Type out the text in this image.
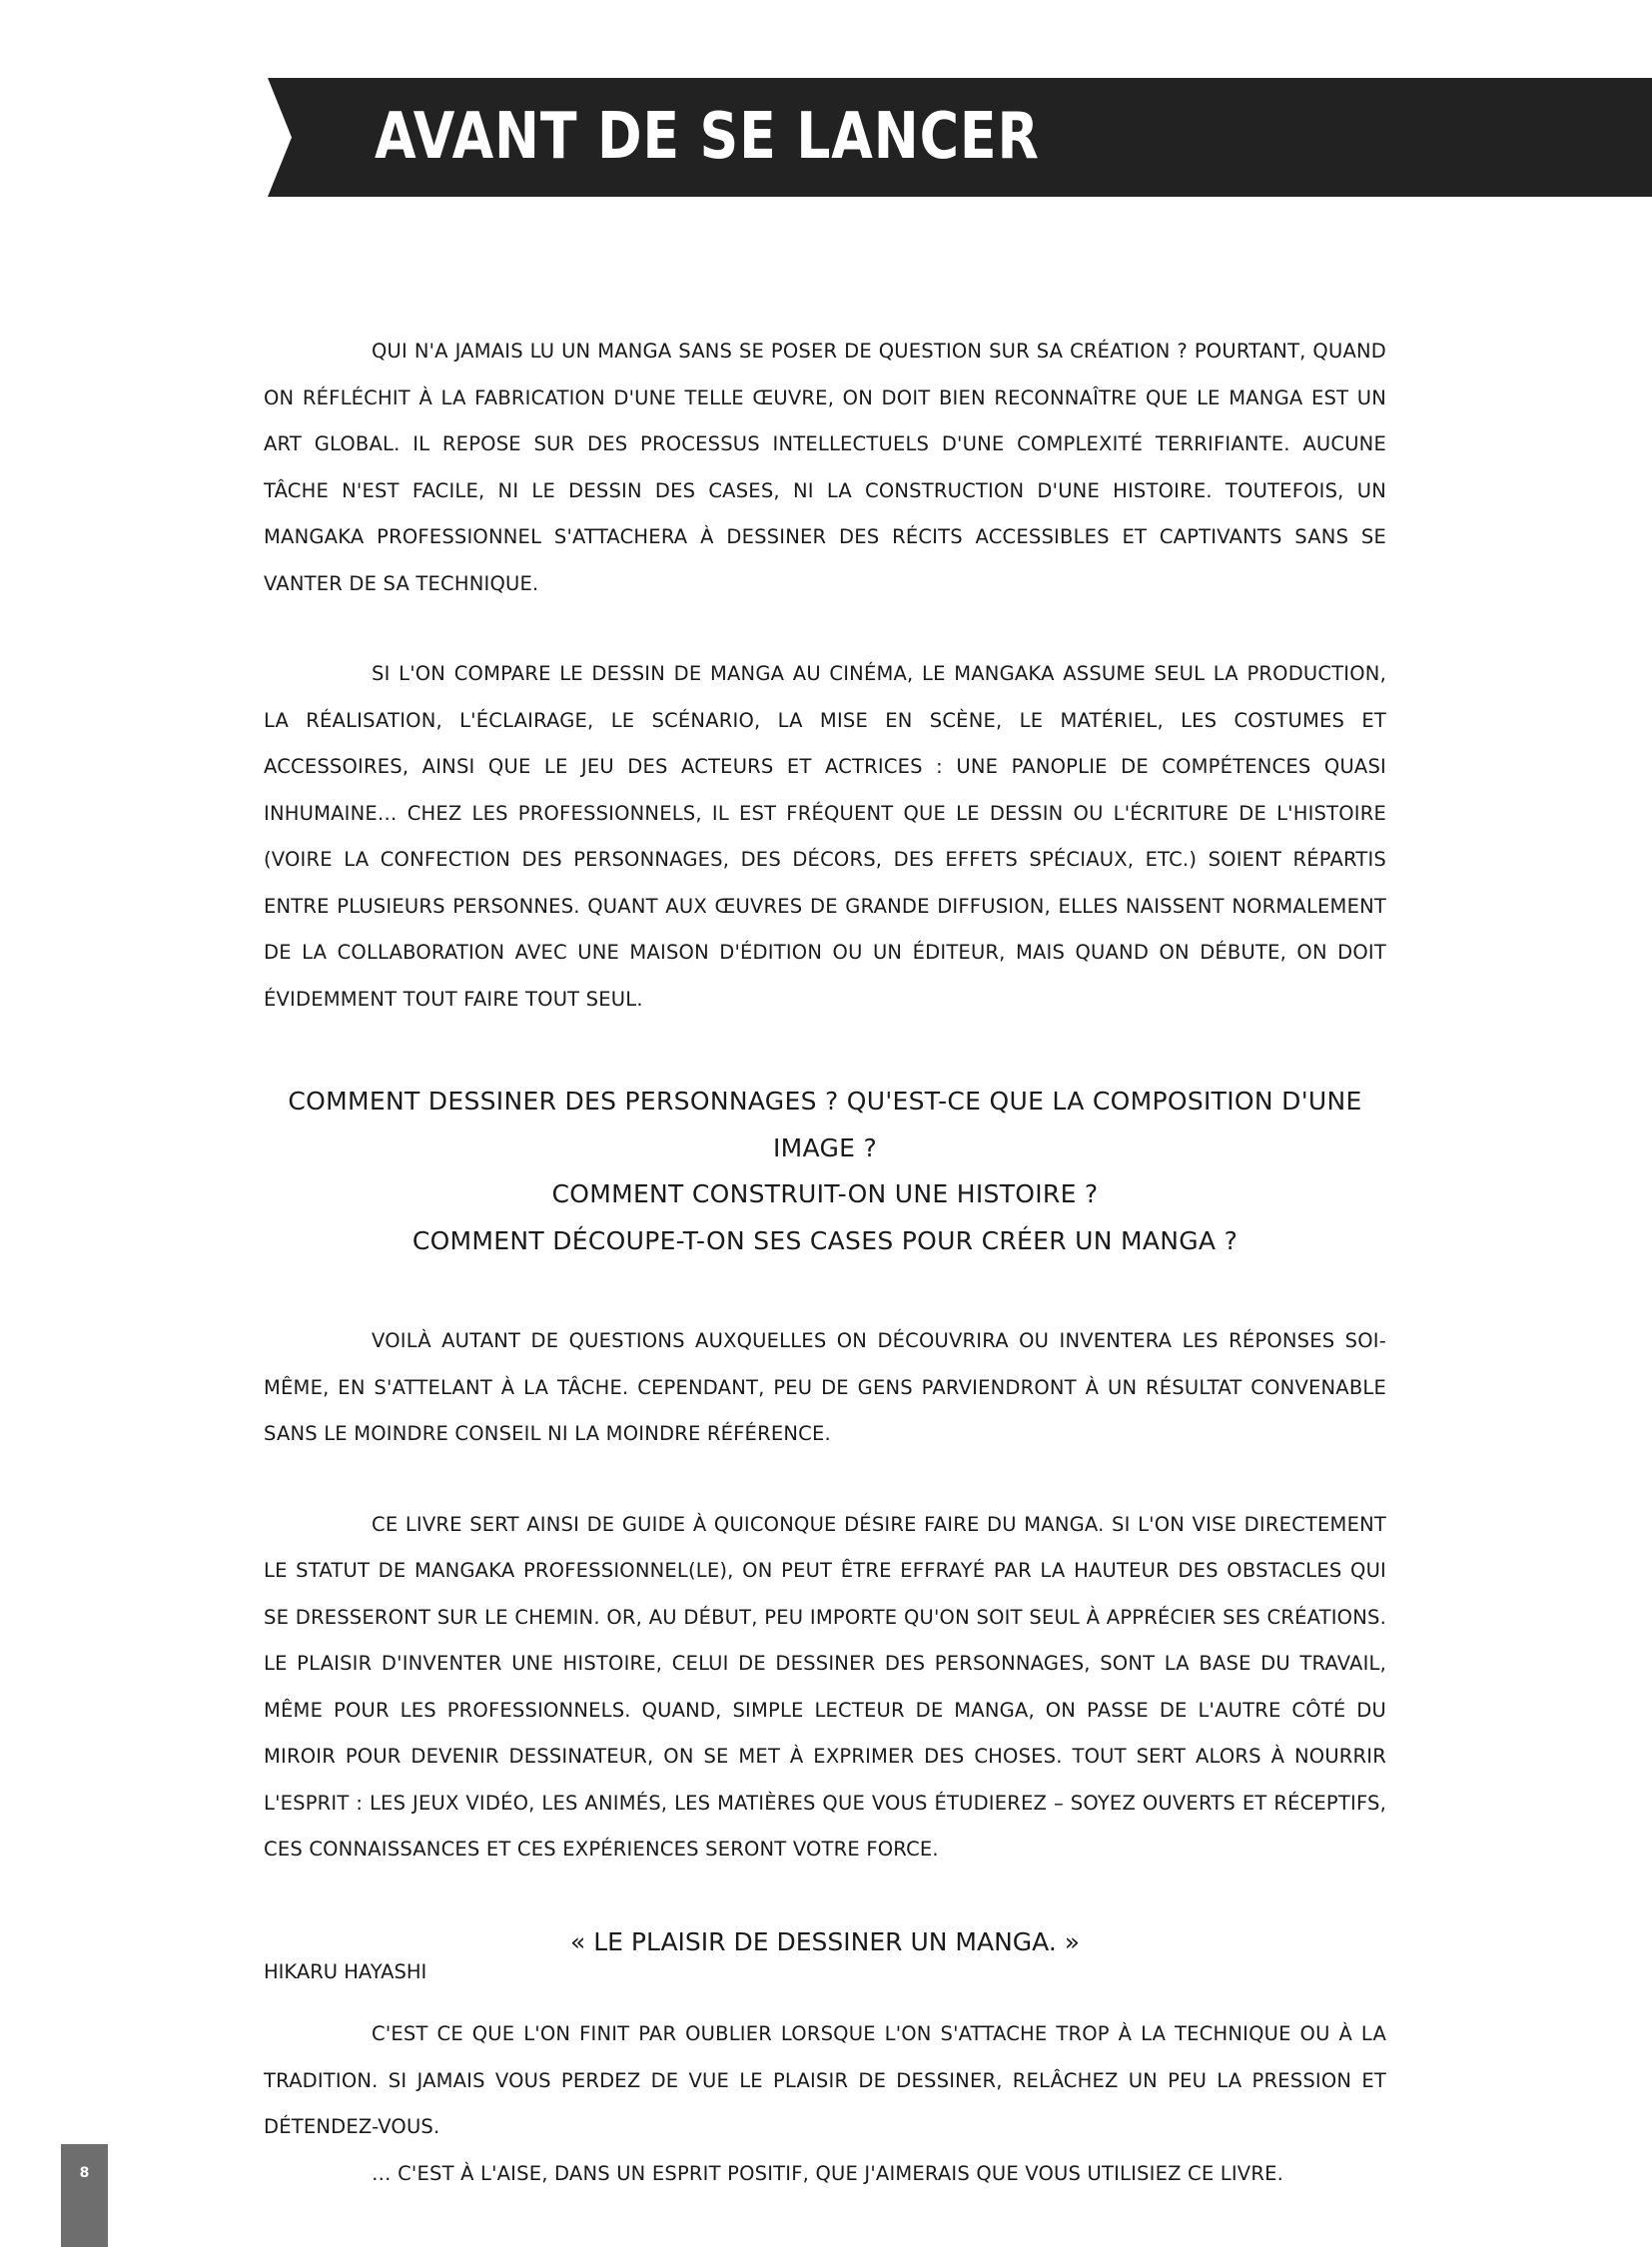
AVANT DE SE LANCER

QUI N'A JAMAIS LU UN MANGA SANS SE POSER DE QUESTION SUR SA CRÉATION ? POURTANT, QUAND ON RÉFLÉCHIT À LA FABRICATION D'UNE TELLE ŒUVRE, ON DOIT BIEN RECONNAÎTRE QUE LE MANGA EST UN ART GLOBAL. IL REPOSE SUR DES PROCESSUS INTELLECTUELS D'UNE COMPLEXITÉ TERRIFIANTE. AUCUNE TÂCHE N'EST FACILE, NI LE DESSIN DES CASES, NI LA CONSTRUCTION D'UNE HISTOIRE. TOUTEFOIS, UN MANGAKA PROFESSIONNEL S'ATTACHERA À DESSINER DES RÉCITS ACCESSIBLES ET CAPTIVANTS SANS SE VANTER DE SA TECHNIQUE.

SI L'ON COMPARE LE DESSIN DE MANGA AU CINÉMA, LE MANGAKA ASSUME SEUL LA PRODUCTION, LA RÉALISATION, L'ÉCLAIRAGE, LE SCÉNARIO, LA MISE EN SCÈNE, LE MATÉRIEL, LES COSTUMES ET ACCESSOIRES, AINSI QUE LE JEU DES ACTEURS ET ACTRICES : UNE PANOPLIE DE COMPÉTENCES QUASI INHUMAINE… CHEZ LES PROFESSIONNELS, IL EST FRÉQUENT QUE LE DESSIN OU L'ÉCRITURE DE L'HISTOIRE (VOIRE LA CONFECTION DES PERSONNAGES, DES DÉCORS, DES EFFETS SPÉCIAUX, ETC.) SOIENT RÉPARTIS ENTRE PLUSIEURS PERSONNES. QUANT AUX ŒUVRES DE GRANDE DIFFUSION, ELLES NAISSENT NORMALEMENT DE LA COLLABORATION AVEC UNE MAISON D'ÉDITION OU UN ÉDITEUR, MAIS QUAND ON DÉBUTE, ON DOIT ÉVIDEMMENT TOUT FAIRE TOUT SEUL.

COMMENT DESSINER DES PERSONNAGES ? QU'EST-CE QUE LA COMPOSITION D'UNE IMAGE ?
COMMENT CONSTRUIT-ON UNE HISTOIRE ?
COMMENT DÉCOUPE-T-ON SES CASES POUR CRÉER UN MANGA ?

VOILÀ AUTANT DE QUESTIONS AUXQUELLES ON DÉCOUVRIRA OU INVENTERA LES RÉPONSES SOI-MÊME, EN S'ATTELANT À LA TÂCHE. CEPENDANT, PEU DE GENS PARVIENDRONT À UN RÉSULTAT CONVENABLE SANS LE MOINDRE CONSEIL NI LA MOINDRE RÉFÉRENCE.

CE LIVRE SERT AINSI DE GUIDE À QUICONQUE DÉSIRE FAIRE DU MANGA. SI L'ON VISE DIRECTEMENT LE STATUT DE MANGAKA PROFESSIONNEL(LE), ON PEUT ÊTRE EFFRAYÉ PAR LA HAUTEUR DES OBSTACLES QUI SE DRESSERONT SUR LE CHEMIN. OR, AU DÉBUT, PEU IMPORTE QU'ON SOIT SEUL À APPRÉCIER SES CRÉATIONS. LE PLAISIR D'INVENTER UNE HISTOIRE, CELUI DE DESSINER DES PERSONNAGES, SONT LA BASE DU TRAVAIL, MÊME POUR LES PROFESSIONNELS. QUAND, SIMPLE LECTEUR DE MANGA, ON PASSE DE L'AUTRE CÔTÉ DU MIROIR POUR DEVENIR DESSINATEUR, ON SE MET À EXPRIMER DES CHOSES. TOUT SERT ALORS À NOURRIR L'ESPRIT : LES JEUX VIDÉO, LES ANIMÉS, LES MATIÈRES QUE VOUS ÉTUDIEREZ – SOYEZ OUVERTS ET RÉCEPTIFS, CES CONNAISSANCES ET CES EXPÉRIENCES SERONT VOTRE FORCE.

« LE PLAISIR DE DESSINER UN MANGA. »

C'EST CE QUE L'ON FINIT PAR OUBLIER LORSQUE L'ON S'ATTACHE TROP À LA TECHNIQUE OU À LA TRADITION. SI JAMAIS VOUS PERDEZ DE VUE LE PLAISIR DE DESSINER, RELÂCHEZ UN PEU LA PRESSION ET DÉTENDEZ-VOUS.

… C'EST À L'AISE, DANS UN ESPRIT POSITIF, QUE J'AIMERAIS QUE VOUS UTILISIEZ CE LIVRE.

HIKARU HAYASHI
8
